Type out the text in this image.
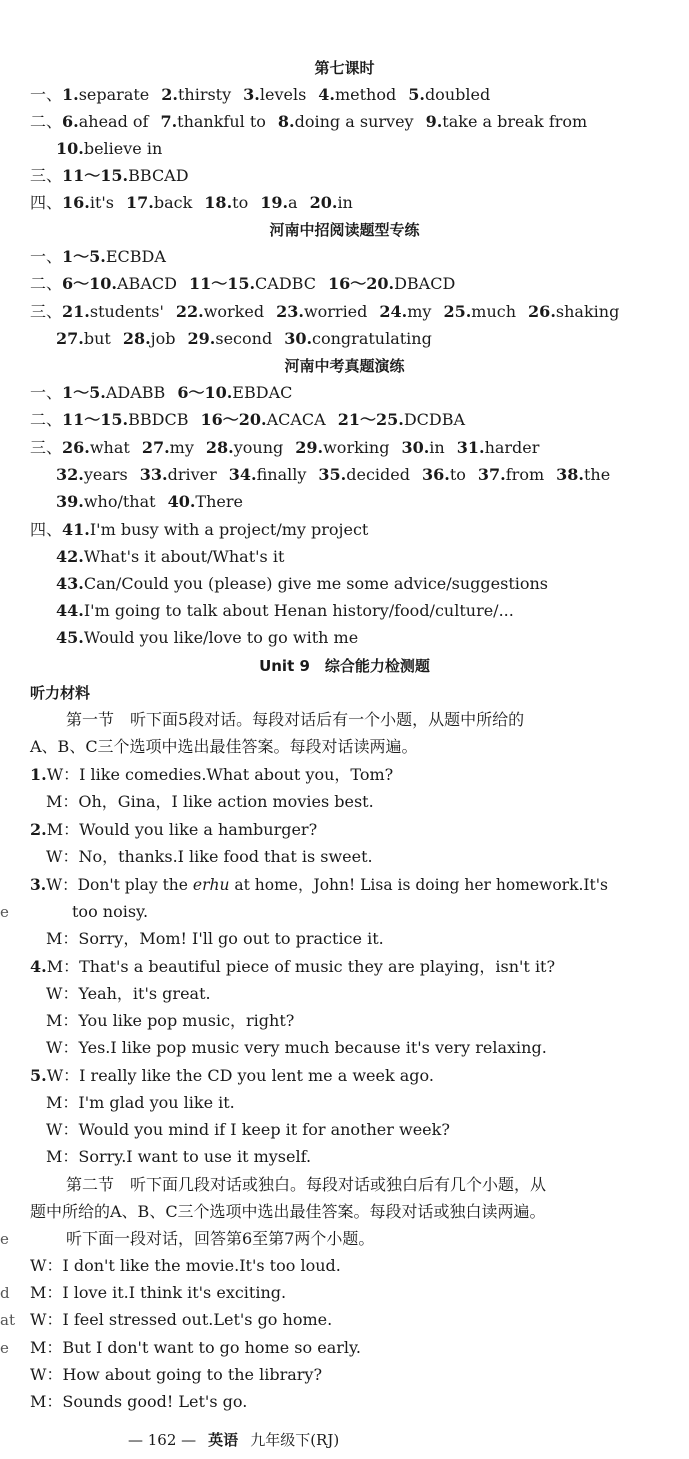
第七课时
一、1.separate 2.thirsty 3.levels 4.method 5.doubled
二、6.ahead of 7.thankful to 8.doing a survey 9.take a break from
10.believe in
三、11～15.BBCAD
四、16.it's 17.back 18.to 19.a 20.in
河南中招阅读题型专练
一、1～5.ECBDA
二、6～10.ABACD 11～15.CADBC 16～20.DBACD
三、21.students' 22.worked 23.worried 24.my 25.much 26.shaking
27.but 28.job 29.second 30.congratulating
河南中考真题演练
一、1～5.ADABB 6～10.EBDAC
二、11～15.BBDCB 16～20.ACACA 21～25.DCDBA
三、26.what 27.my 28.young 29.working 30.in 31.harder
32.years 33.driver 34.finally 35.decided 36.to 37.from 38.the
39.who/that 40.There
四、41.I'm busy with a project/my project
42.What's it about/What's it
43.Can/Could you (please) give me some advice/suggestions
44.I'm going to talk about Henan history/food/culture/...
45.Would you like/love to go with me
Unit 9　综合能力检测题
听力材料
第一节　听下面5段对话。每段对话后有一个小题，从题中所给的
A、B、C三个选项中选出最佳答案。每段对话读两遍。
1.W：I like comedies.What about you，Tom?
M：Oh，Gina，I like action movies best.
2.M：Would you like a hamburger?
W：No，thanks.I like food that is sweet.
3.W：Don't play the erhu at home，John! Lisa is doing her homework.It's
too noisy.
M：Sorry，Mom! I'll go out to practice it.
4.M：That's a beautiful piece of music they are playing，isn't it?
W：Yeah，it's great.
M：You like pop music，right?
W：Yes.I like pop music very much because it's very relaxing.
5.W：I really like the CD you lent me a week ago.
M：I'm glad you like it.
W：Would you mind if I keep it for another week?
M：Sorry.I want to use it myself.
第二节　听下面几段对话或独白。每段对话或独白后有几个小题，从
题中所给的A、B、C三个选项中选出最佳答案。每段对话或独白读两遍。
听下面一段对话，回答第6至第7两个小题。
W：I don't like the movie.It's too loud.
M：I love it.I think it's exciting.
W：I feel stressed out.Let's go home.
M：But I don't want to go home so early.
W：How about going to the library?
M：Sounds good! Let's go.
e
e
d
at
e
— 162 — 英语 九年级下(RJ)
